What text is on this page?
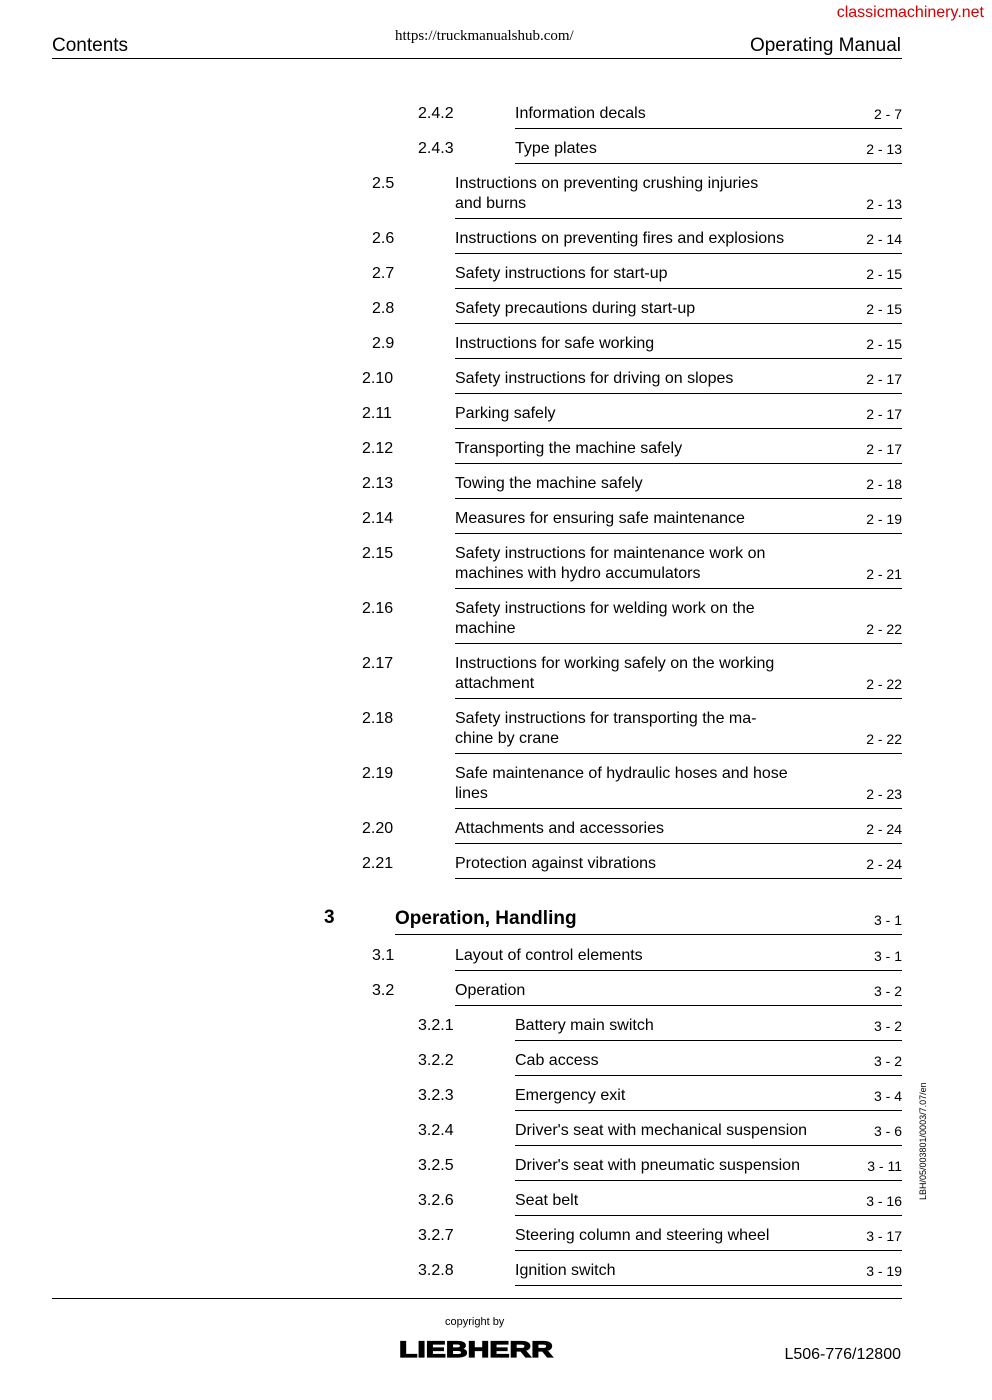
classicmachinery.net
Contents	https://truckmanualshub.com/	Operating Manual
2.4.2	Information decals	2 - 7
2.4.3	Type plates	2 - 13
2.5	Instructions on preventing crushing injuries and burns	2 - 13
2.6	Instructions on preventing fires and explosions	2 - 14
2.7	Safety instructions for start-up	2 - 15
2.8	Safety precautions during start-up	2 - 15
2.9	Instructions for safe working	2 - 15
2.10	Safety instructions for driving on slopes	2 - 17
2.11	Parking safely	2 - 17
2.12	Transporting the machine safely	2 - 17
2.13	Towing the machine safely	2 - 18
2.14	Measures for ensuring safe maintenance	2 - 19
2.15	Safety instructions for maintenance work on machines with hydro accumulators	2 - 21
2.16	Safety instructions for welding work on the machine	2 - 22
2.17	Instructions for working safely on the working attachment	2 - 22
2.18	Safety instructions for transporting the ma-chine by crane	2 - 22
2.19	Safe maintenance of hydraulic hoses and hose lines	2 - 23
2.20	Attachments and accessories	2 - 24
2.21	Protection against vibrations	2 - 24
3	Operation, Handling	3 - 1
3.1	Layout of control elements	3 - 1
3.2	Operation	3 - 2
3.2.1	Battery main switch	3 - 2
3.2.2	Cab access	3 - 2
3.2.3	Emergency exit	3 - 4
3.2.4	Driver's seat with mechanical suspension	3 - 6
3.2.5	Driver's seat with pneumatic suspension	3 - 11
3.2.6	Seat belt	3 - 16
3.2.7	Steering column and steering wheel	3 - 17
3.2.8	Ignition switch	3 - 19
LBH/05/003801/0003/7.07/en
copyright by
LIEBHERR	L506-776/12800
